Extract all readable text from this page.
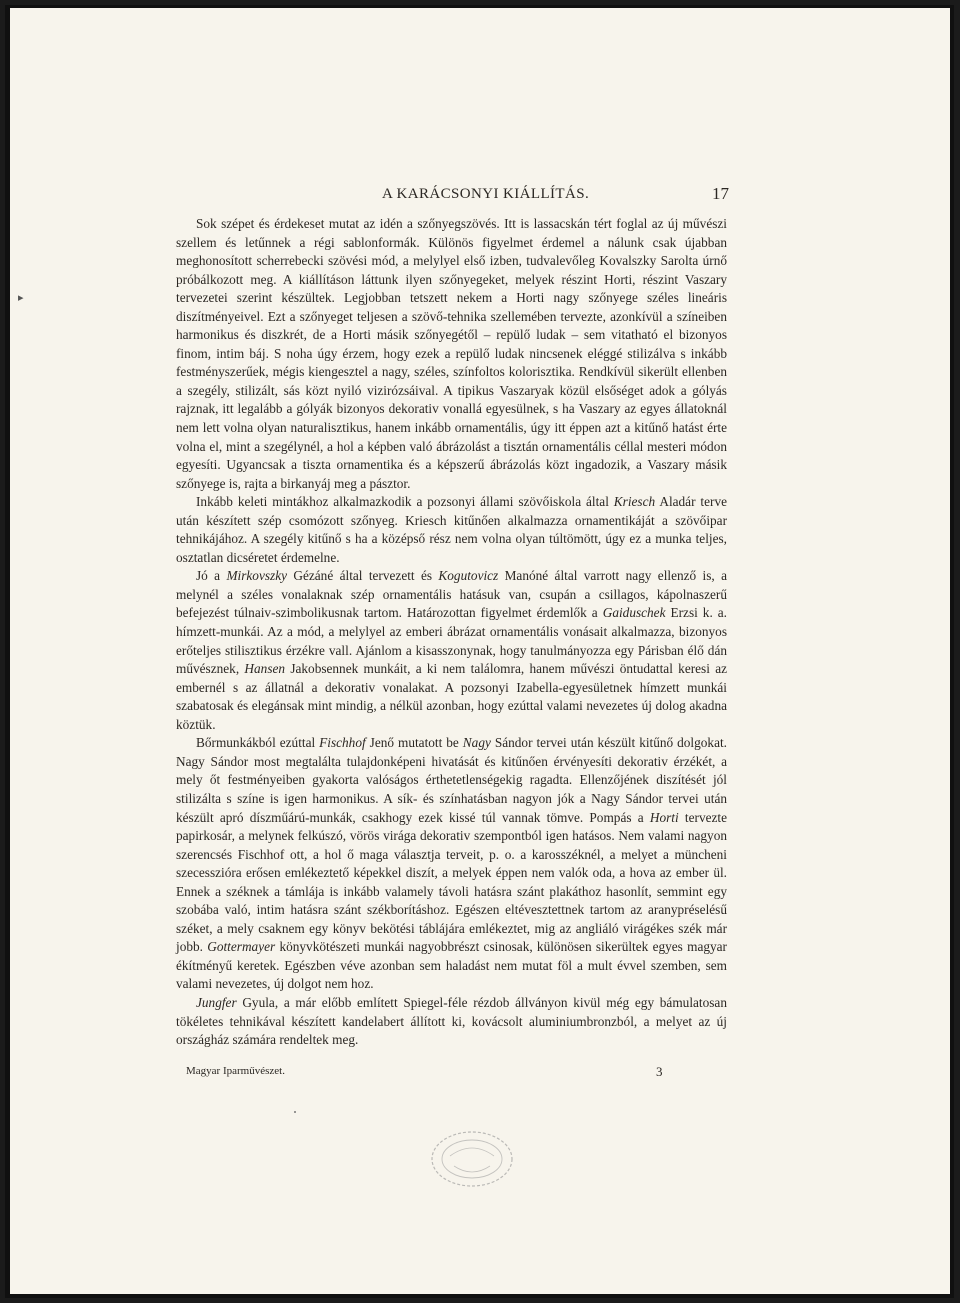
▸
A KARÁCSONYI KIÁLLÍTÁS.	17

Sok szépet és érdekeset mutat az idén a szőnyegszövés. Itt is lassacskán tért foglal az új művészi szellem és letűnnek a régi sablonformák. Különös figyelmet érdemel a nálunk csak újabban meghonosított scherrebecki szövési mód, a melylyel első izben, tudvalevőleg Kovalszky Sarolta úrnő próbálkozott meg. A kiállításon láttunk ilyen szőnyegeket, melyek részint Horti, részint Vaszary tervezetei szerint készültek. Legjobban tetszett nekem a Horti nagy szőnyege széles lineáris diszítményeivel. Ezt a szőnyeget teljesen a szövő-tehnika szellemében tervezte, azonkívül a színeiben harmonikus és diszkrét, de a Horti másik szőnyegétől – repülő ludak – sem vitatható el bizonyos finom, intim báj. S noha úgy érzem, hogy ezek a repülő ludak nincsenek eléggé stilizálva s inkább festményszerűek, mégis kiengesztel a nagy, széles, színfoltos kolorisztika. Rendkívül sikerült ellenben a szegély, stilizált, sás közt nyiló vizirózsáival. A tipikus Vaszaryak közül elsőséget adok a gólyás rajznak, itt legalább a gólyák bizonyos dekorativ vonallá egyesülnek, s ha Vaszary az egyes állatoknál nem lett volna olyan naturalisztikus, hanem inkább ornamentális, úgy itt éppen azt a kitűnő hatást érte volna el, mint a szegélynél, a hol a képben való ábrázolást a tisztán ornamentális céllal mesteri módon egyesíti. Ugyancsak a tiszta ornamentika és a képszerű ábrázolás közt ingadozik, a Vaszary másik szőnyege is, rajta a birkanyáj meg a pásztor.

Inkább keleti mintákhoz alkalmazkodik a pozsonyi állami szövőiskola által Kriesch Aladár terve után készített szép csomózott szőnyeg. Kriesch kitűnően alkalmazza ornamentikáját a szövőipar tehnikájához. A szegély kitűnő s ha a középső rész nem volna olyan túltömött, úgy ez a munka teljes, osztatlan dicséretet érdemelne.

Jó a Mirkovszky Gézáné által tervezett és Kogutovicz Manóné által varrott nagy ellenző is, a melynél a széles vonalaknak szép ornamentális hatásuk van, csupán a csillagos, kápolnaszerű befejezést túlnaiv-szimbolikusnak tartom. Határozottan figyelmet érdemlők a Gaiduschek Erzsi k. a. hímzett-munkái. Az a mód, a melylyel az emberi ábrázat ornamentális vonásait alkalmazza, bizonyos erőteljes stilisztikus érzékre vall. Ajánlom a kisasszonynak, hogy tanulmányozza egy Párisban élő dán művésznek, Hansen Jakobsennek munkáit, a ki nem találomra, hanem művészi öntudattal keresi az embernél s az állatnál a dekorativ vonalakat. A pozsonyi Izabella-egyesületnek hímzett munkái szabatosak és elegánsak mint mindig, a nélkül azonban, hogy ezúttal valami nevezetes új dolog akadna köztük.

Bőrmunkákból ezúttal Fischhof Jenő mutatott be Nagy Sándor tervei után készült kitűnő dolgokat. Nagy Sándor most megtalálta tulajdonképeni hivatását és kitűnően érvényesíti dekorativ érzékét, a mely őt festményeiben gyakorta valóságos érthetetlenségekig ragadta. Ellenzőjének diszítését jól stilizálta s színe is igen harmonikus. A sík- és színhatásban nagyon jók a Nagy Sándor tervei után készült apró díszműárú-munkák, csakhogy ezek kissé túl vannak tömve. Pompás a Horti tervezte papirkosár, a melynek felkúszó, vörös virága dekorativ szempontból igen hatásos. Nem valami nagyon szerencsés Fischhof ott, a hol ő maga választja terveit, p. o. a karosszéknél, a melyet a müncheni szecesszióra erősen emlékeztető képekkel diszít, a melyek éppen nem valók oda, a hova az ember ül. Ennek a széknek a támlája is inkább valamely távoli hatásra szánt plakáthoz hasonlít, semmint egy szobába való, intim hatásra szánt székborításhoz. Egészen eltévesztettnek tartom az aranypréselésű széket, a mely csaknem egy könyv bekötési táblájára emlékeztet, mig az angliáló virágékes szék már jobb. Gottermayer könyvkötészeti munkái nagyobbrészt csinosak, különösen sikerültek egyes magyar ékítményű keretek. Egészben véve azonban sem haladást nem mutat föl a mult évvel szemben, sem valami nevezetes, új dolgot nem hoz.

Jungfer Gyula, a már előbb említett Spiegel-féle rézdob állványon kivül még egy bámulatosan tökéletes tehnikával készített kandelabert állított ki, kovácsolt aluminiumbronzból, a melyet az új országház számára rendeltek meg.

Magyar Iparművészet.	3
